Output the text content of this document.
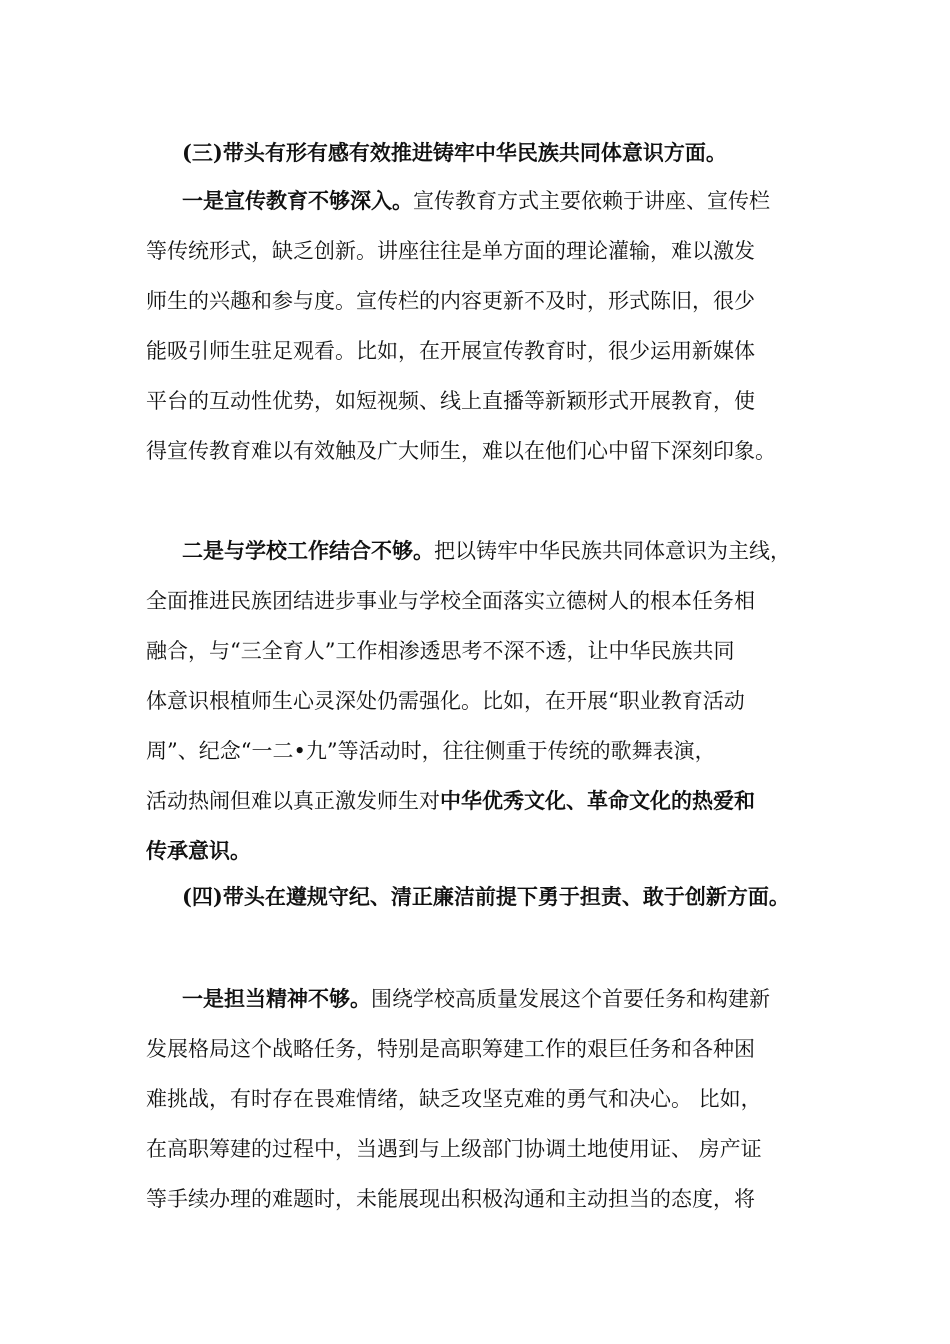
(三)带头有形有感有效推进铸牢中华民族共同体意识方面。
一是宣传教育不够深入。宣传教育方式主要依赖于讲座、宣传栏
等传统形式，缺乏创新。讲座往往是单方面的理论灌输，难以激发
师生的兴趣和参与度。宣传栏的内容更新不及时，形式陈旧，很少
能吸引师生驻足观看。比如，在开展宣传教育时，很少运用新媒体
平台的互动性优势，如短视频、线上直播等新颖形式开展教育，使
得宣传教育难以有效触及广大师生，难以在他们心中留下深刻印象。
二是与学校工作结合不够。把以铸牢中华民族共同体意识为主线，
全面推进民族团结进步事业与学校全面落实立德树人的根本任务相
融合，与“三全育人”工作相渗透思考不深不透，让中华民族共同
体意识根植师生心灵深处仍需强化。比如，在开展“职业教育活动
周”、纪念“一二•九”等活动时，往往侧重于传统的歌舞表演，
活动热闹但难以真正激发师生对中华优秀文化、革命文化的热爱和
传承意识。
(四)带头在遵规守纪、清正廉洁前提下勇于担责、敢于创新方面。
一是担当精神不够。围绕学校高质量发展这个首要任务和构建新
发展格局这个战略任务，特别是高职筹建工作的艰巨任务和各种困
难挑战，有时存在畏难情绪，缺乏攻坚克难的勇气和决心。 比如，
在高职筹建的过程中，当遇到与上级部门协调土地使用证、 房产证
等手续办理的难题时，未能展现出积极沟通和主动担当的态度，将
